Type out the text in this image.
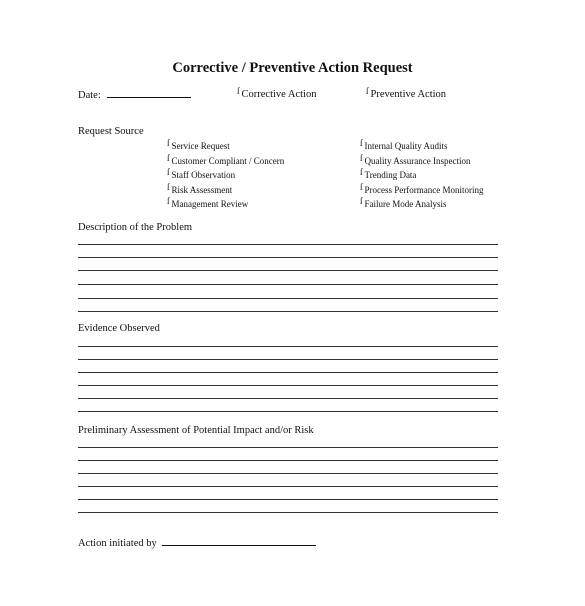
Corrective / Preventive Action Request
Date:	ſ Corrective Action	ſ Preventive Action
Request Source
ſ Service Request
ſ Customer Compliant / Concern
ſ Staff Observation
ſ Risk Assessment
ſ Management Review
ſ Internal Quality Audits
ſ Quality Assurance Inspection
ſ Trending Data
ſ Process Performance Monitoring
ſ Failure Mode Analysis
Description of the Problem
Evidence Observed
Preliminary Assessment of Potential Impact and/or Risk
Action initiated by
